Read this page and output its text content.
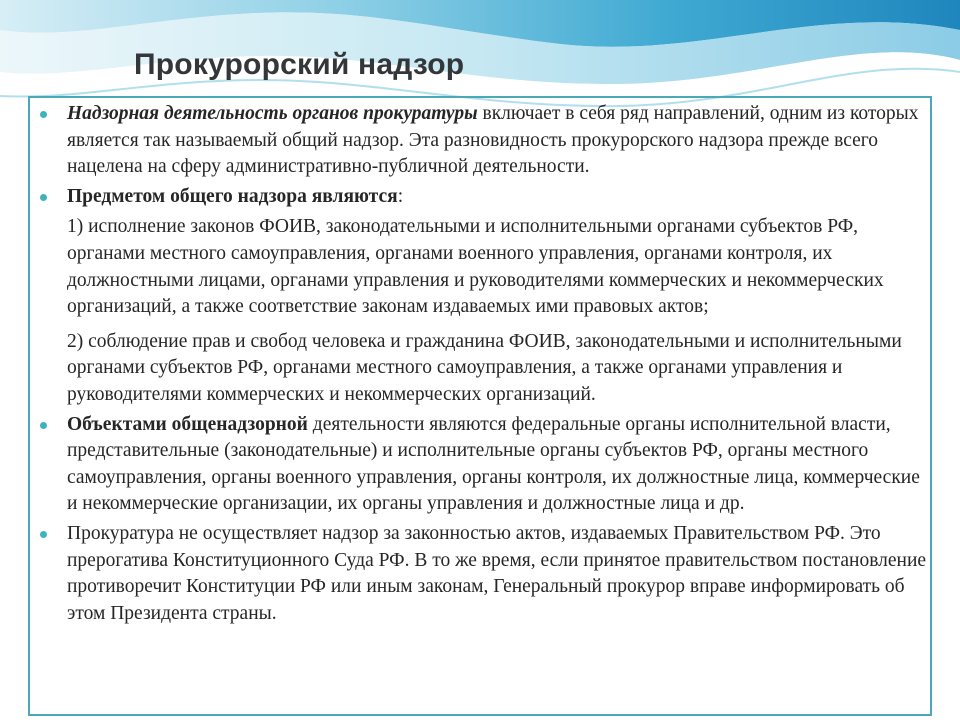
Прокурорский надзор
Надзорная деятельность органов прокуратуры включает в себя ряд направлений, одним из которых является так называемый общий надзор. Эта разновидность прокурорского надзора прежде всего нацелена на сферу административно-публичной деятельности.
Предметом общего надзора являются:
1) исполнение законов ФОИВ, законодательными и исполнительными органами субъектов РФ, органами местного самоуправления, органами военного управления, органами контроля, их должностными лицами, органами управления и руководителями коммерческих и некоммерческих организаций, а также соответствие законам издаваемых ими правовых актов;
2) соблюдение прав и свобод человека и гражданина ФОИВ, законодательными и исполнительными органами субъектов РФ, органами местного самоуправления, а также органами управления и руководителями коммерческих и некоммерческих организаций.
Объектами общенадзорной деятельности являются федеральные органы исполнительной власти, представительные (законодательные) и исполнительные органы субъектов РФ, органы местного самоуправления, органы военного управления, органы контроля, их должностные лица, коммерческие и некоммерческие организации, их органы управления и должностные лица и др.
Прокуратура не осуществляет надзор за законностью актов, издаваемых Правительством РФ. Это прерогатива Конституционного Суда РФ. В то же время, если принятое правительством постановление противоречит Конституции РФ или иным законам, Генеральный прокурор вправе информировать об этом Президента страны.
